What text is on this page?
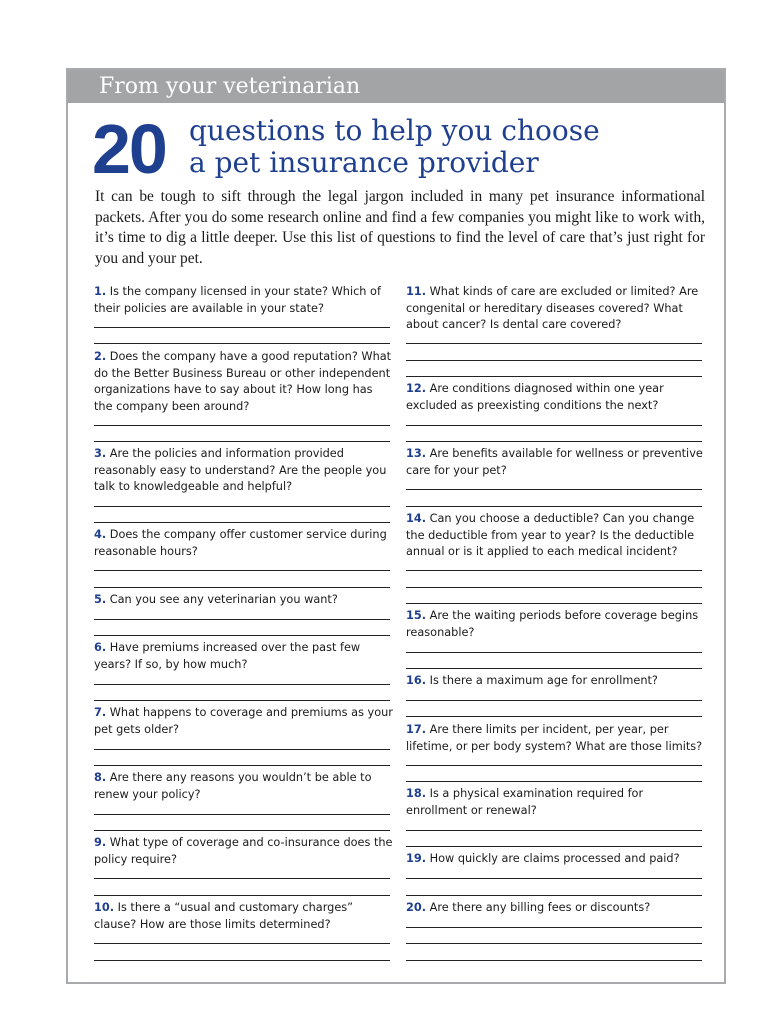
From your veterinarian
20 questions to help you choose
a pet insurance provider
It can be tough to sift through the legal jargon included in many pet insurance informational packets. After you do some research online and find a few companies you might like to work with, it’s time to dig a little deeper. Use this list of questions to find the level of care that’s just right for you and your pet.
1. Is the company licensed in your state? Which of their policies are available in your state?
2. Does the company have a good reputation? What do the Better Business Bureau or other independent organizations have to say about it? How long has the company been around?
3. Are the policies and information provided reasonably easy to understand? Are the people you talk to knowledgeable and helpful?
4. Does the company offer customer service during reasonable hours?
5. Can you see any veterinarian you want?
6. Have premiums increased over the past few years? If so, by how much?
7. What happens to coverage and premiums as your pet gets older?
8. Are there any reasons you wouldn’t be able to renew your policy?
9. What type of coverage and co-insurance does the policy require?
10. Is there a “usual and customary charges” clause? How are those limits determined?
11. What kinds of care are excluded or limited? Are congenital or hereditary diseases covered? What about cancer? Is dental care covered?
12. Are conditions diagnosed within one year excluded as preexisting conditions the next?
13. Are benefits available for wellness or preventive care for your pet?
14. Can you choose a deductible? Can you change the deductible from year to year? Is the deductible annual or is it applied to each medical incident?
15. Are the waiting periods before coverage begins reasonable?
16. Is there a maximum age for enrollment?
17. Are there limits per incident, per year, per lifetime, or per body system? What are those limits?
18. Is a physical examination required for enrollment or renewal?
19. How quickly are claims processed and paid?
20. Are there any billing fees or discounts?
